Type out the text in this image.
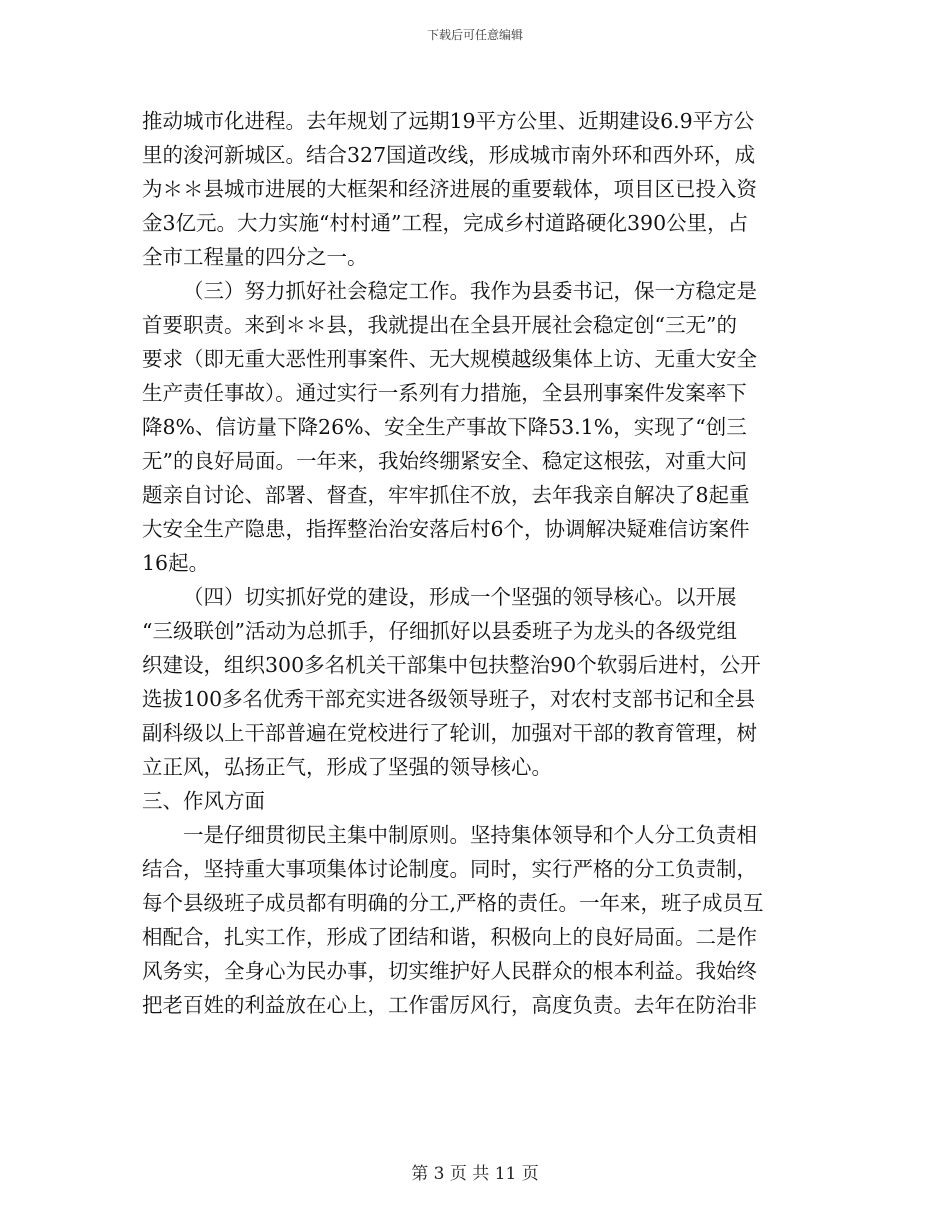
下载后可任意编辑
推动城市化进程。去年规划了远期19平方公里、近期建设6.9平方公
里的浚河新城区。结合327国道改线，形成城市南外环和西外环，成
为＊＊县城市进展的大框架和经济进展的重要载体，项目区已投入资
金3亿元。大力实施“村村通”工程，完成乡村道路硬化390公里，占
全市工程量的四分之一。
（三）努力抓好社会稳定工作。我作为县委书记，保一方稳定是
首要职责。来到＊＊县，我就提出在全县开展社会稳定创“三无”的
要求（即无重大恶性刑事案件、无大规模越级集体上访、无重大安全
生产责任事故）。通过实行一系列有力措施，全县刑事案件发案率下
降8%、信访量下降26%、安全生产事故下降53.1%，实现了“创三
无”的良好局面。一年来，我始终绷紧安全、稳定这根弦，对重大问
题亲自讨论、部署、督查，牢牢抓住不放，去年我亲自解决了8起重
大安全生产隐患，指挥整治治安落后村6个，协调解决疑难信访案件
16起。
（四）切实抓好党的建设，形成一个坚强的领导核心。以开展
“三级联创”活动为总抓手，仔细抓好以县委班子为龙头的各级党组
织建设，组织300多名机关干部集中包扶整治90个软弱后进村，公开
选拔100多名优秀干部充实进各级领导班子，对农村支部书记和全县
副科级以上干部普遍在党校进行了轮训，加强对干部的教育管理，树
立正风，弘扬正气，形成了坚强的领导核心。
三、作风方面
一是仔细贯彻民主集中制原则。坚持集体领导和个人分工负责相
结合，坚持重大事项集体讨论制度。同时，实行严格的分工负责制，
每个县级班子成员都有明确的分工,严格的责任。一年来，班子成员互
相配合，扎实工作，形成了团结和谐，积极向上的良好局面。二是作
风务实，全身心为民办事，切实维护好人民群众的根本利益。我始终
把老百姓的利益放在心上，工作雷厉风行，高度负责。去年在防治非
第 3 页 共 11 页
